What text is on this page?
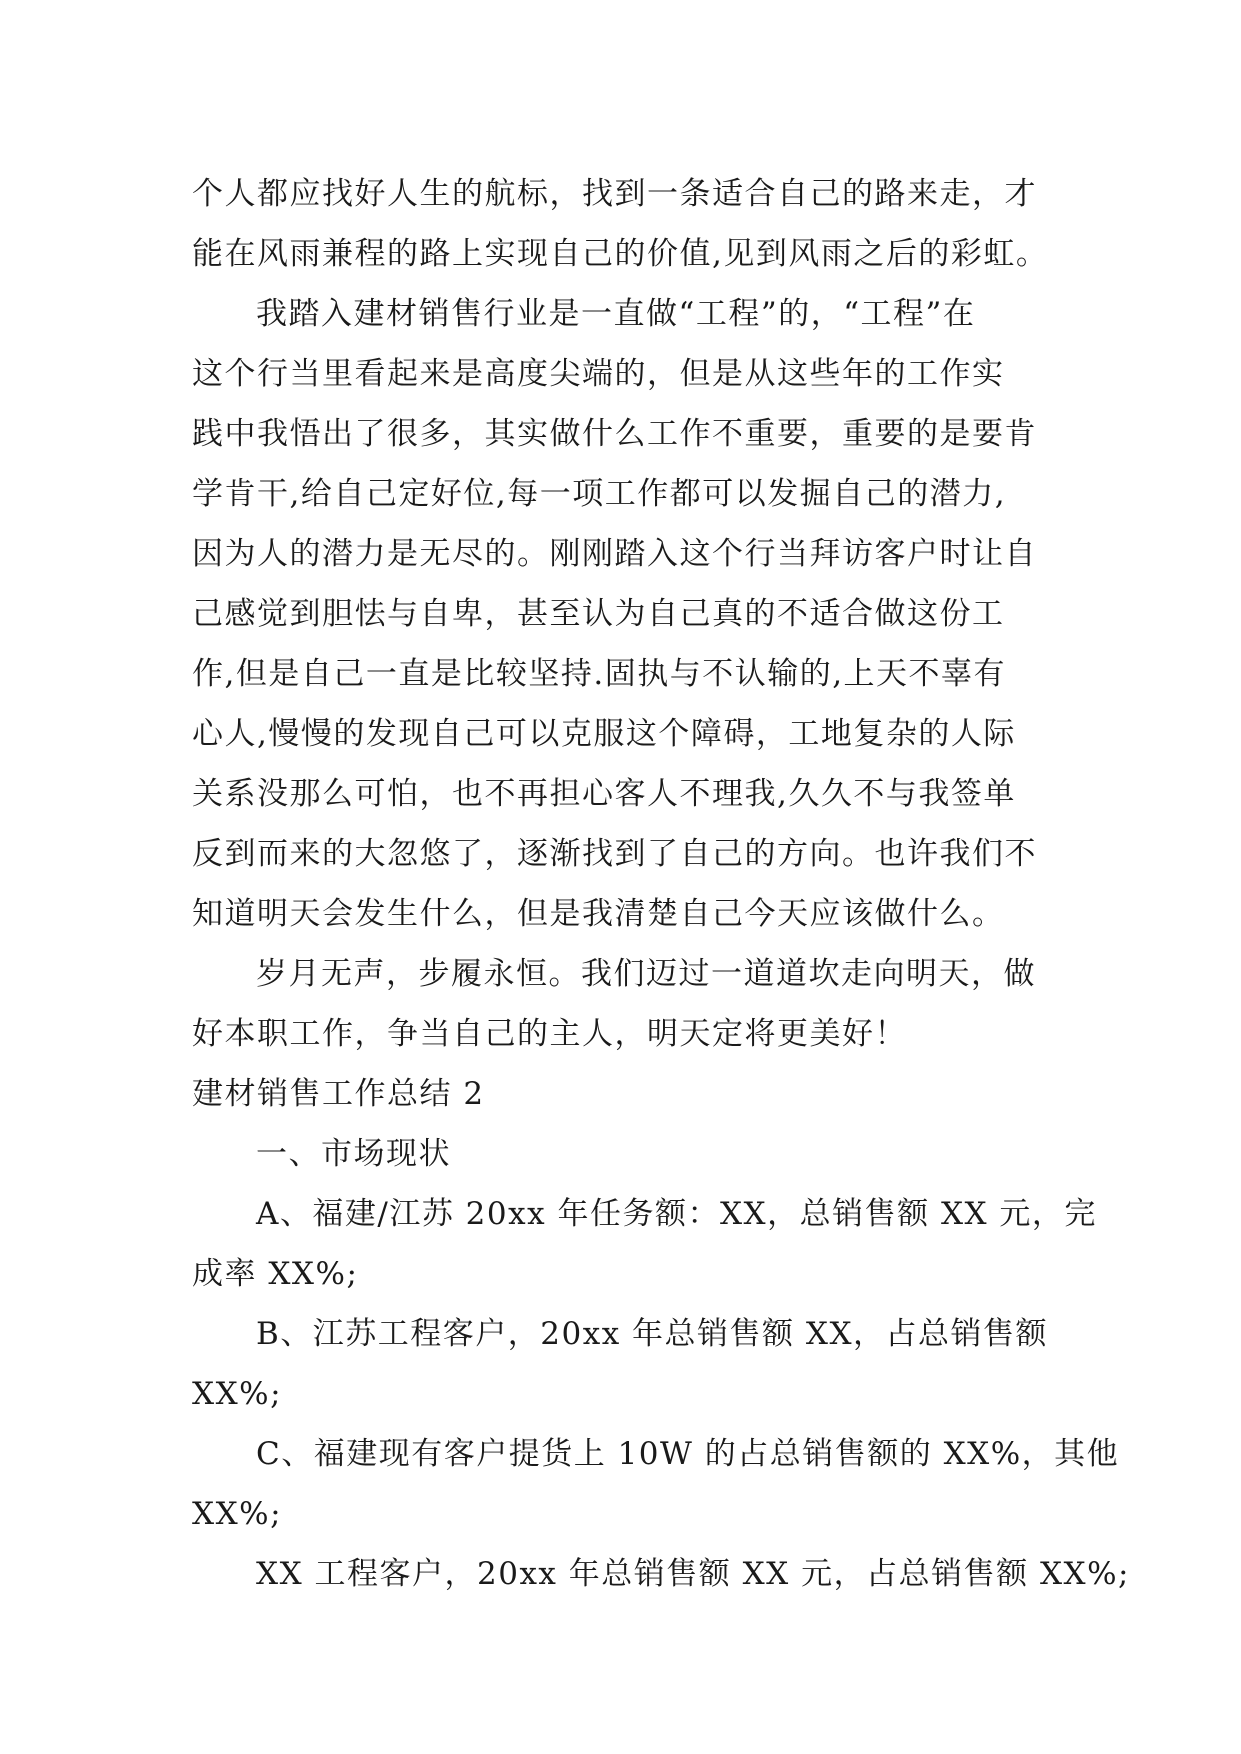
个人都应找好人生的航标，找到一条适合自己的路来走，才
能在风雨兼程的路上实现自己的价值,见到风雨之后的彩虹。
我踏入建材销售行业是一直做“工程”的，“工程”在
这个行当里看起来是高度尖端的，但是从这些年的工作实
践中我悟出了很多，其实做什么工作不重要，重要的是要肯
学肯干,给自己定好位,每一项工作都可以发掘自己的潜力,
因为人的潜力是无尽的。刚刚踏入这个行当拜访客户时让自
己感觉到胆怯与自卑，甚至认为自己真的不适合做这份工
作,但是自己一直是比较坚持.固执与不认输的,上天不辜有
心人,慢慢的发现自己可以克服这个障碍，工地复杂的人际
关系没那么可怕，也不再担心客人不理我,久久不与我签单
反到而来的大忽悠了，逐渐找到了自己的方向。也许我们不
知道明天会发生什么，但是我清楚自己今天应该做什么。
岁月无声，步履永恒。我们迈过一道道坎走向明天，做
好本职工作，争当自己的主人，明天定将更美好！
建材销售工作总结 2
一、市场现状
A、福建/江苏 20xx 年任务额：XX，总销售额 XX 元，完
成率 XX%;
B、江苏工程客户，20xx 年总销售额 XX，占总销售额
XX%;
C、福建现有客户提货上 10W 的占总销售额的 XX%，其他
XX%;
XX 工程客户，20xx 年总销售额 XX 元，占总销售额 XX%;
